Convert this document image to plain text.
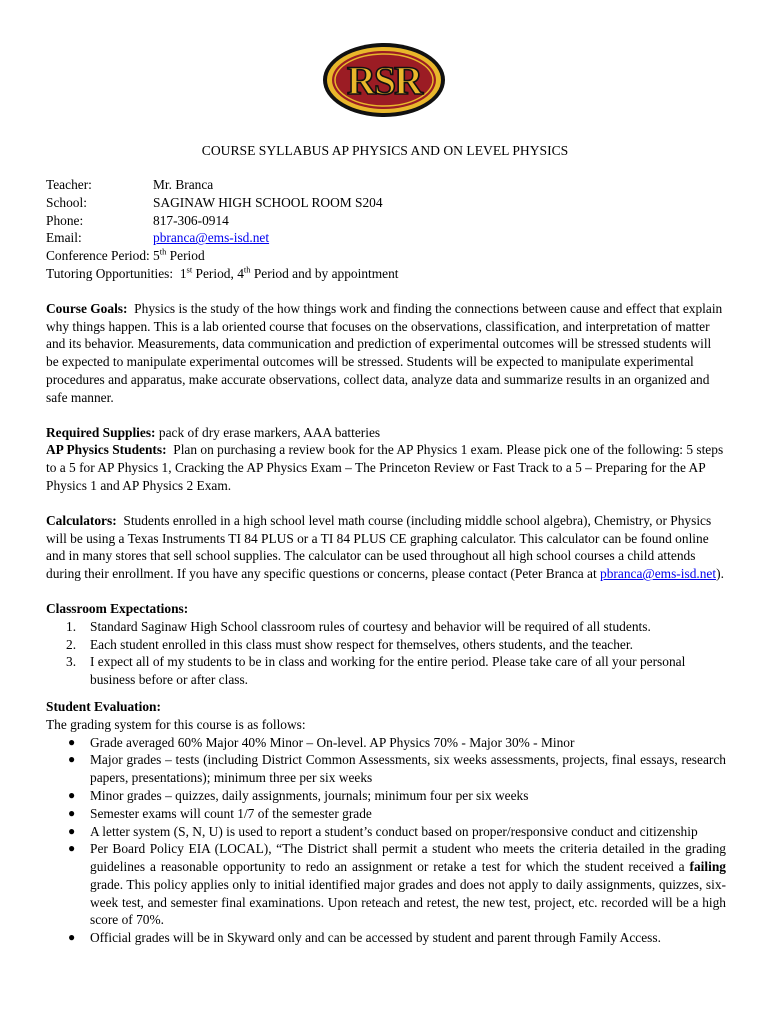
RSR
COURSE SYLLABUS AP PHYSICS AND ON LEVEL PHYSICS
Teacher:	Mr. Branca
School:	SAGINAW HIGH SCHOOL ROOM S204
Phone:	817-306-0914
Email:	pbranca@ems-isd.net
Conference Period: 5th Period
Tutoring Opportunities: 1st Period, 4th Period and by appointment

Course Goals: Physics is the study of the how things work and finding the connections between cause and effect that explain why things happen. This is a lab oriented course that focuses on the observations, classification, and interpretation of matter and its behavior. Measurements, data communication and prediction of experimental outcomes will be stressed students will be expected to manipulate experimental outcomes will be stressed. Students will be expected to manipulate experimental procedures and apparatus, make accurate observations, collect data, analyze data and summarize results in an organized and safe manner.

Required Supplies: pack of dry erase markers, AAA batteries

AP Physics Students: Plan on purchasing a review book for the AP Physics 1 exam. Please pick one of the following: 5 steps to a 5 for AP Physics 1, Cracking the AP Physics Exam – The Princeton Review or Fast Track to a 5 – Preparing for the AP Physics 1 and AP Physics 2 Exam.

Calculators: Students enrolled in a high school level math course (including middle school algebra), Chemistry, or Physics will be using a Texas Instruments TI 84 PLUS or a TI 84 PLUS CE graphing calculator. This calculator can be found online and in many stores that sell school supplies. The calculator can be used throughout all high school courses a child attends during their enrollment. If you have any specific questions or concerns, please contact (Peter Branca at pbranca@ems-isd.net).

Classroom Expectations:

1.	Standard Saginaw High School classroom rules of courtesy and behavior will be required of all students.
2.	Each student enrolled in this class must show respect for themselves, others students, and the teacher.
3.	I expect all of my students to be in class and working for the entire period. Please take care of all your personal business before or after class.

Student Evaluation:

The grading system for this course is as follows:

●	Grade averaged 60% Major 40% Minor – On-level. AP Physics 70% - Major 30% - Minor
●	Major grades – tests (including District Common Assessments, six weeks assessments, projects, final essays, research papers, presentations); minimum three per six weeks
●	Minor grades – quizzes, daily assignments, journals; minimum four per six weeks
●	Semester exams will count 1/7 of the semester grade
●	A letter system (S, N, U) is used to report a student’s conduct based on proper/responsive conduct and citizenship
●	Per Board Policy EIA (LOCAL), “The District shall permit a student who meets the criteria detailed in the grading guidelines a reasonable opportunity to redo an assignment or retake a test for which the student received a failing grade. This policy applies only to initial identified major grades and does not apply to daily assignments, quizzes, six-week test, and semester final examinations. Upon reteach and retest, the new test, project, etc. recorded will be a high score of 70%.
●	Official grades will be in Skyward only and can be accessed by student and parent through Family Access.
